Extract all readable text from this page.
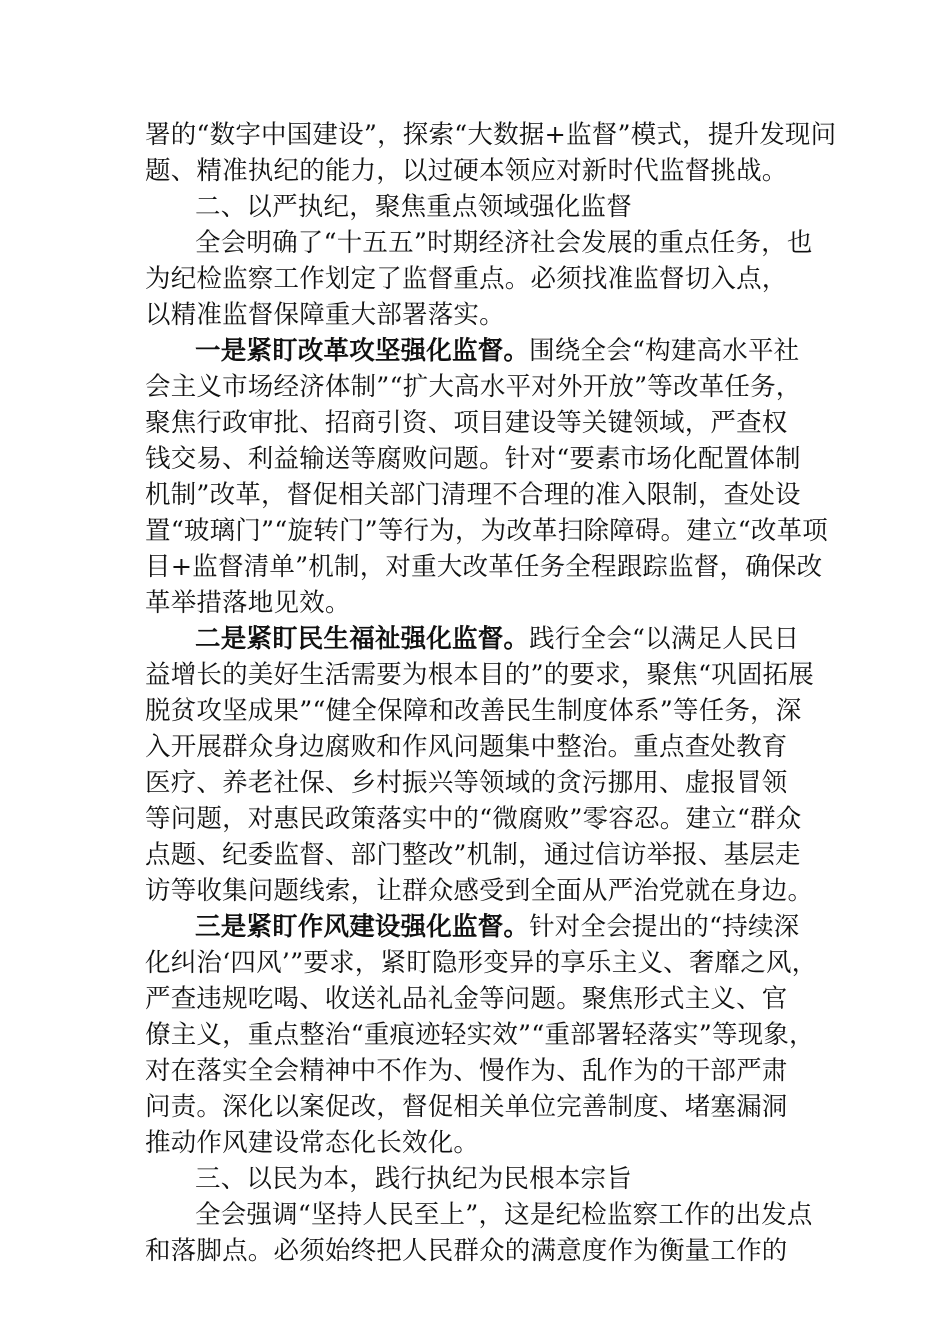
署的“数字中国建设”，探索“大数据+监督”模式，提升发现问
题、精准执纪的能力，以过硬本领应对新时代监督挑战。
二、以严执纪，聚焦重点领域强化监督
全会明确了“十五五”时期经济社会发展的重点任务，也
为纪检监察工作划定了监督重点。必须找准监督切入点，
以精准监督保障重大部署落实。
一是紧盯改革攻坚强化监督。围绕全会“构建高水平社
会主义市场经济体制”“扩大高水平对外开放”等改革任务，
聚焦行政审批、招商引资、项目建设等关键领域，严查权
钱交易、利益输送等腐败问题。针对“要素市场化配置体制
机制”改革，督促相关部门清理不合理的准入限制，查处设
置“玻璃门”“旋转门”等行为，为改革扫除障碍。建立“改革项
目+监督清单”机制，对重大改革任务全程跟踪监督，确保改
革举措落地见效。
二是紧盯民生福祉强化监督。践行全会“以满足人民日
益增长的美好生活需要为根本目的”的要求，聚焦“巩固拓展
脱贫攻坚成果”“健全保障和改善民生制度体系”等任务，深
入开展群众身边腐败和作风问题集中整治。重点查处教育
医疗、养老社保、乡村振兴等领域的贪污挪用、虚报冒领
等问题，对惠民政策落实中的“微腐败”零容忍。建立“群众
点题、纪委监督、部门整改”机制，通过信访举报、基层走
访等收集问题线索，让群众感受到全面从严治党就在身边。
三是紧盯作风建设强化监督。针对全会提出的“持续深
化纠治‘四风’”要求，紧盯隐形变异的享乐主义、奢靡之风，
严查违规吃喝、收送礼品礼金等问题。聚焦形式主义、官
僚主义，重点整治“重痕迹轻实效”“重部署轻落实”等现象，
对在落实全会精神中不作为、慢作为、乱作为的干部严肃
问责。深化以案促改，督促相关单位完善制度、堵塞漏洞
推动作风建设常态化长效化。
三、以民为本，践行执纪为民根本宗旨
全会强调“坚持人民至上”，这是纪检监察工作的出发点
和落脚点。必须始终把人民群众的满意度作为衡量工作的
